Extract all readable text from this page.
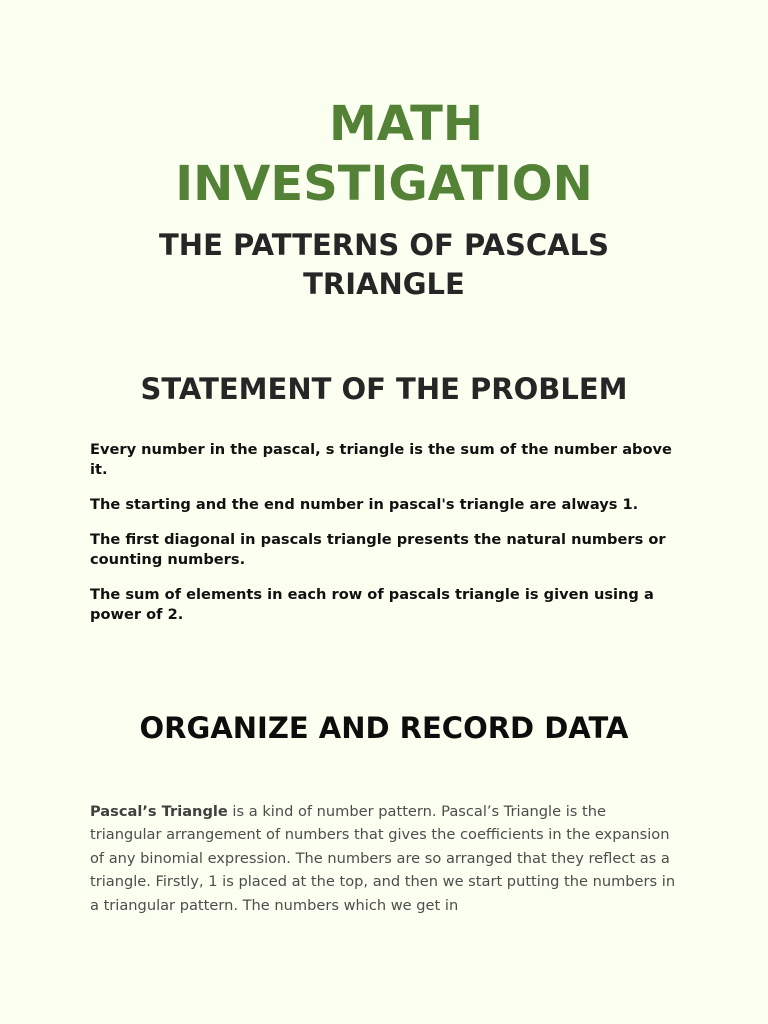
MATH
INVESTIGATION
THE PATTERNS OF PASCALS TRIANGLE
STATEMENT OF THE PROBLEM
Every number in the pascal, s triangle is the sum of the number above it.
The starting and the end number in pascal's triangle are always 1.
The first diagonal in pascals triangle presents the natural numbers or counting numbers.
The sum of elements in each row of pascals triangle is given using a power of 2.
ORGANIZE AND RECORD DATA

Pascal’s Triangle is a kind of number pattern. Pascal’s Triangle is the triangular arrangement of numbers that gives the coefficients in the expansion of any binomial expression. The numbers are so arranged that they reflect as a triangle. Firstly, 1 is placed at the top, and then we start putting the numbers in a triangular pattern. The numbers which we get in
